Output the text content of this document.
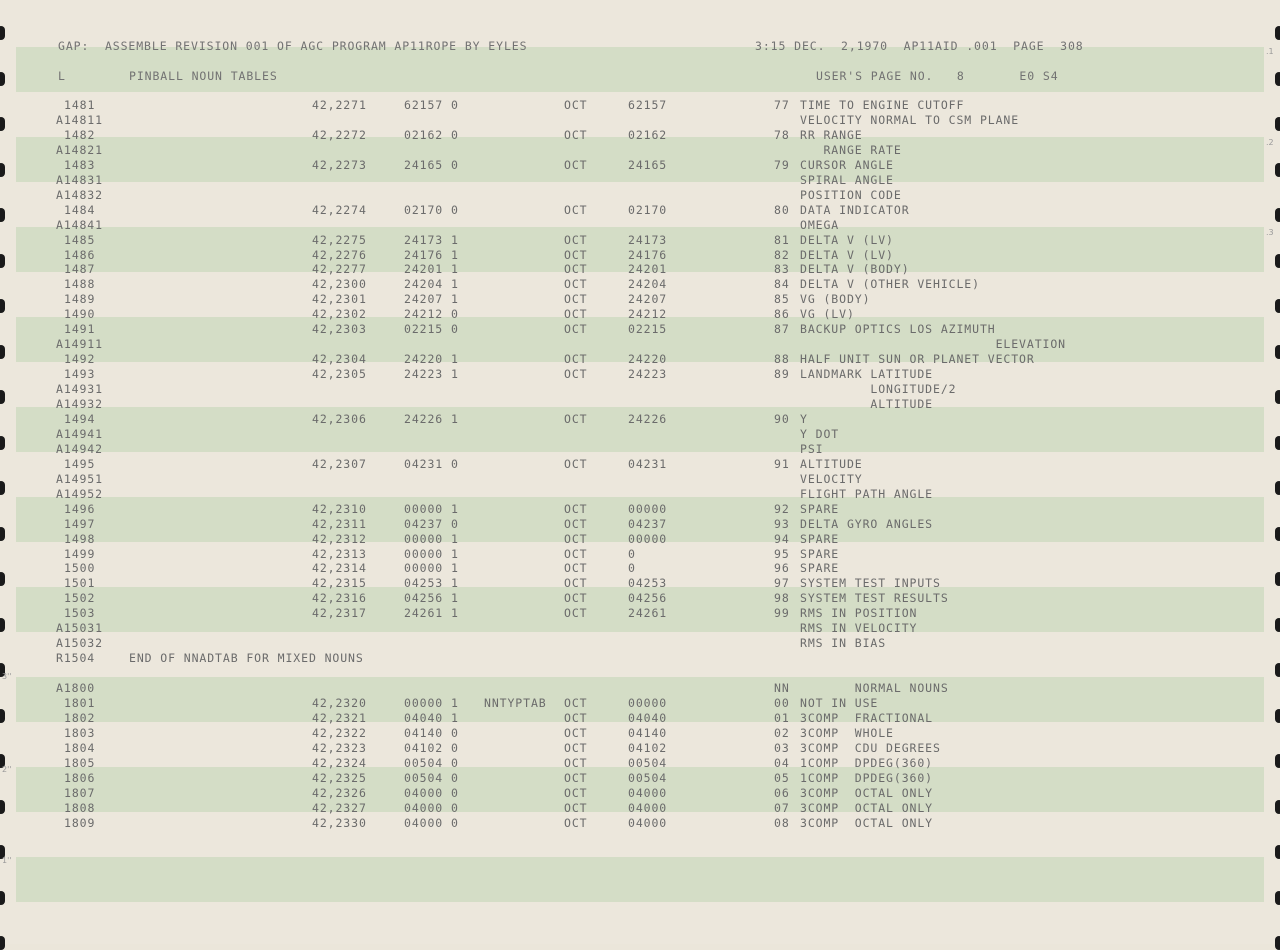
GAP:  ASSEMBLE REVISION 001 OF AGC PROGRAM AP11ROPE BY EYLES	3:15 DEC.  2,1970  AP11AID .001  PAGE  308
L	PINBALL NOUN TABLES	USER'S PAGE NO.   8       E0 S4
3''
2''
1''
.1
.2
.3
1481	42,2271	62157 0	OCT	62157	77 TIME TO ENGINE CUTOFF
A14811	VELOCITY NORMAL TO CSM PLANE
1482	42,2272	02162 0	OCT	02162	78 RR RANGE
A14821	RANGE RATE
1483	42,2273	24165 0	OCT	24165	79 CURSOR ANGLE
A14831	SPIRAL ANGLE
A14832	POSITION CODE
1484	42,2274	02170 0	OCT	02170	80 DATA INDICATOR
A14841	OMEGA
1485	42,2275	24173 1	OCT	24173	81 DELTA V (LV)
1486	42,2276	24176 1	OCT	24176	82 DELTA V (LV)
1487	42,2277	24201 1	OCT	24201	83 DELTA V (BODY)
1488	42,2300	24204 1	OCT	24204	84 DELTA V (OTHER VEHICLE)
1489	42,2301	24207 1	OCT	24207	85 VG (BODY)
1490	42,2302	24212 0	OCT	24212	86 VG (LV)
1491	42,2303	02215 0	OCT	02215	87 BACKUP OPTICS LOS AZIMUTH
A14911	ELEVATION
1492	42,2304	24220 1	OCT	24220	88 HALF UNIT SUN OR PLANET VECTOR
1493	42,2305	24223 1	OCT	24223	89 LANDMARK LATITUDE
A14931	LONGITUDE/2
A14932	ALTITUDE
1494	42,2306	24226 1	OCT	24226	90 Y
A14941	Y DOT
A14942	PSI
1495	42,2307	04231 0	OCT	04231	91 ALTITUDE
A14951	VELOCITY
A14952	FLIGHT PATH ANGLE
1496	42,2310	00000 1	OCT	00000	92 SPARE
1497	42,2311	04237 0	OCT	04237	93 DELTA GYRO ANGLES
1498	42,2312	00000 1	OCT	00000	94 SPARE
1499	42,2313	00000 1	OCT	0	95 SPARE
1500	42,2314	00000 1	OCT	0	96 SPARE
1501	42,2315	04253 1	OCT	04253	97 SYSTEM TEST INPUTS
1502	42,2316	04256 1	OCT	04256	98 SYSTEM TEST RESULTS
1503	42,2317	24261 1	OCT	24261	99 RMS IN POSITION
A15031	RMS IN VELOCITY
A15032	RMS IN BIAS
R1504	END OF NNADTAB FOR MIXED NOUNS
A1800	NN NORMAL NOUNS
1801	42,2320	00000 1 NNTYPTAB OCT	00000	00 NOT IN USE
1802	42,2321	04040 1	OCT	04040	01 3COMP  FRACTIONAL
1803	42,2322	04140 0	OCT	04140	02 3COMP  WHOLE
1804	42,2323	04102 0	OCT	04102	03 3COMP  CDU DEGREES
1805	42,2324	00504 0	OCT	00504	04 1COMP  DPDEG(360)
1806	42,2325	00504 0	OCT	00504	05 1COMP  DPDEG(360)
1807	42,2326	04000 0	OCT	04000	06 3COMP  OCTAL ONLY
1808	42,2327	04000 0	OCT	04000	07 3COMP  OCTAL ONLY
1809	42,2330	04000 0	OCT	04000	08 3COMP  OCTAL ONLY
